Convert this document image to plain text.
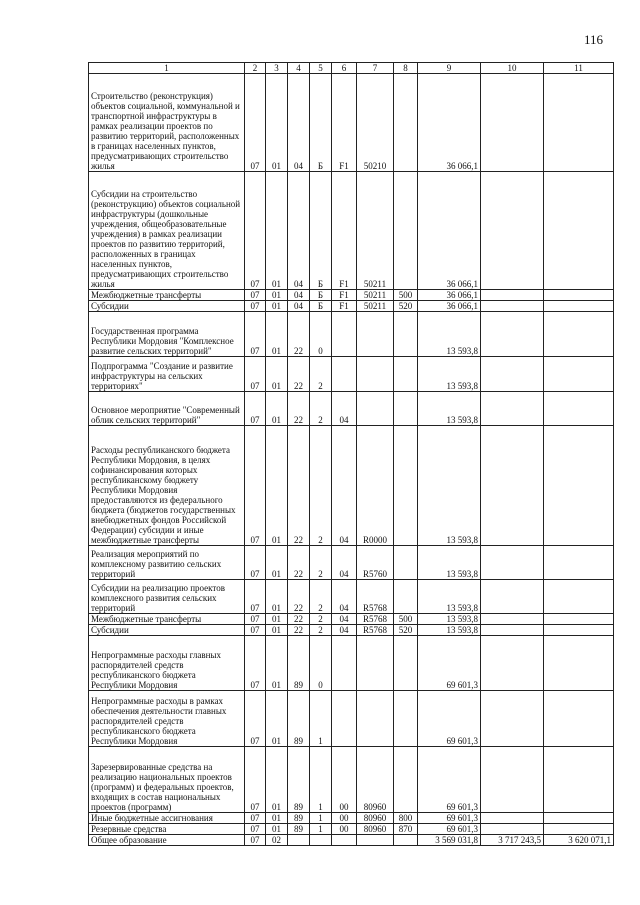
116
1	2	3	4	5	6	7	8	9	10	11
Строительство (реконструкция) объектов социальной, коммунальной и транспортной инфраструктуры в рамках реализации проектов по развитию территорий, расположенных в границах населенных пунктов, предусматривающих строительство жилья	07	01	04	Б	F1	50210		36 066,1		
Субсидии на строительство (реконструкцию) объектов социальной инфраструктуры (дошкольные учреждения, общеобразовательные учреждения) в рамках реализации проектов по развитию территорий, расположенных в границах населенных пунктов, предусматривающих строительство жилья	07	01	04	Б	F1	50211		36 066,1		
Межбюджетные трансферты	07	01	04	Б	F1	50211	500	36 066,1		
Субсидии	07	01	04	Б	F1	50211	520	36 066,1		
Государственная программа Республики Мордовия "Комплексное развитие сельских территорий"	07	01	22	0				13 593,8		
Подпрограмма "Создание и развитие инфраструктуры на сельских территориях"	07	01	22	2				13 593,8		
Основное мероприятие "Современный облик сельских территорий"	07	01	22	2	04			13 593,8		
Расходы республиканского бюджета Республики Мордовия, в целях софинансирования которых республиканскому бюджету Республики Мордовия предоставляются из федерального бюджета (бюджетов государственных внебюджетных фондов Российской Федерации) субсидии и иные межбюджетные трансферты	07	01	22	2	04	R0000		13 593,8		
Реализация мероприятий по комплексному развитию сельских территорий	07	01	22	2	04	R5760		13 593,8		
Субсидии на реализацию проектов комплексного развития сельских территорий	07	01	22	2	04	R5768		13 593,8		
Межбюджетные трансферты	07	01	22	2	04	R5768	500	13 593,8		
Субсидии	07	01	22	2	04	R5768	520	13 593,8		
Непрограммные расходы главных распорядителей средств республиканского бюджета Республики Мордовия	07	01	89	0				69 601,3		
Непрограммные расходы в рамках обеспечения деятельности главных распорядителей средств республиканского бюджета Республики Мордовия	07	01	89	1				69 601,3		
Зарезервированные средства на реализацию национальных проектов (программ) и федеральных проектов, входящих в состав национальных проектов (программ)	07	01	89	1	00	80960		69 601,3		
Иные бюджетные ассигнования	07	01	89	1	00	80960	800	69 601,3		
Резервные средства	07	01	89	1	00	80960	870	69 601,3		
Общее образование	07	02						3 569 031,8	3 717 243,5	3 620 071,1
